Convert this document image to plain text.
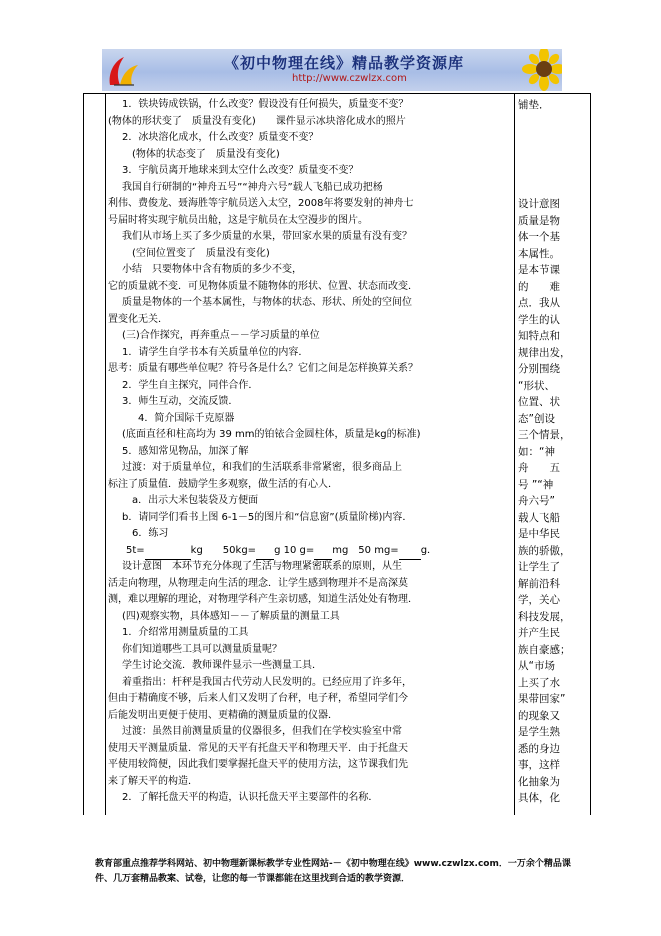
《初中物理在线》精品教学资源库
http://www.czwlzx.com
1．铁块铸成铁锅，什么改变？假设没有任何损失，质量变不变？
(物体的形状变了　质量没有变化)　　课件显示冰块溶化成水的照片
2．冰块溶化成水，什么改变？质量变不变？
(物体的状态变了　质量没有变化)
3．宇航员离开地球来到太空什么改变？质量变不变？
我国自行研制的“神舟五号”“神舟六号”载人飞船已成功把杨
利伟、费俊龙、聂海胜等宇航员送入太空，2008年将要发射的神舟七
号届时将实现宇航员出舱，这是宇航员在太空漫步的图片。
我们从市场上买了多少质量的水果，带回家水果的质量有没有变？
(空间位置变了　质量没有变化)
小结　只要物体中含有物质的多少不变，
它的质量就不变．可见物体质量不随物体的形状、位置、状态而改变．
质量是物体的一个基本属性，与物体的状态、形状、所处的空间位
置变化无关．
(三)合作探究，再奔重点－－学习质量的单位
1．请学生自学书本有关质量单位的内容．
思考：质量有哪些单位呢？符号各是什么？它们之间是怎样换算关系？
2．学生自主探究，同伴合作．
3．师生互动，交流反馈．
4．简介国际千克原器
(底面直径和柱高均为 39 mm的铂铱合金圆柱体，质量是kg的标准)
5．感知常见物品，加深了解
过渡：对于质量单位，和我们的生活联系非常紧密，很多商品上
标注了质量值．鼓励学生多观察，做生活的有心人．
a．出示大米包装袋及方便面
b．请同学们看书上图 6-1－5的图片和“信息窗”(质量阶梯)内容．
6．练习
5t=	kg　　50kg= g 10 g= mg　50 mg= g．
设计意图　本环节充分体现了生活与物理紧密联系的原则，从生
活走向物理，从物理走向生活的理念．让学生感到物理并不是高深莫
测，难以理解的理论，对物理学科产生亲切感，知道生活处处有物理．
(四)观察实物，具体感知－－了解质量的测量工具
1．介绍常用测量质量的工具
你们知道哪些工具可以测量质量呢？
学生讨论交流．教师课件显示一些测量工具．
着重指出：杆秤是我国古代劳动人民发明的。已经应用了许多年，
但由于精确度不够，后来人们又发明了台秤，电子秤，希望同学们今
后能发明出更便于使用、更精确的测量质量的仪器．
过渡：虽然目前测量质量的仪器很多，但我们在学校实验室中常
使用天平测量质量．常见的天平有托盘天平和物理天平．由于托盘天
平使用较简便，因此我们要掌握托盘天平的使用方法，这节课我们先
来了解天平的构造．
2．了解托盘天平的构造，认识托盘天平主要部件的名称．
铺垫．
设计意图
质量是物
体一个基
本属性。
是本节课
的　　难
点．我从
学生的认
知特点和
规律出发，
分别围绕
“形状、
位置、状
态”创设
三个情景，
如：“神
舟　　五
号 ”“神
舟六号”
载人飞船
是中华民
族的骄傲，
让学生了
解前沿科
学，关心
科技发展，
并产生民
族自豪感；
从“市场
上买了水
果带回家”
的现象又
是学生熟
悉的身边
事，这样
化抽象为
具体，化
教育部重点推荐学科网站、初中物理新课标教学专业性网站-－《初中物理在线》www.czwlzx.com．一万余个精品课
件、几万套精品教案、试卷，让您的每一节课都能在这里找到合适的教学资源．
